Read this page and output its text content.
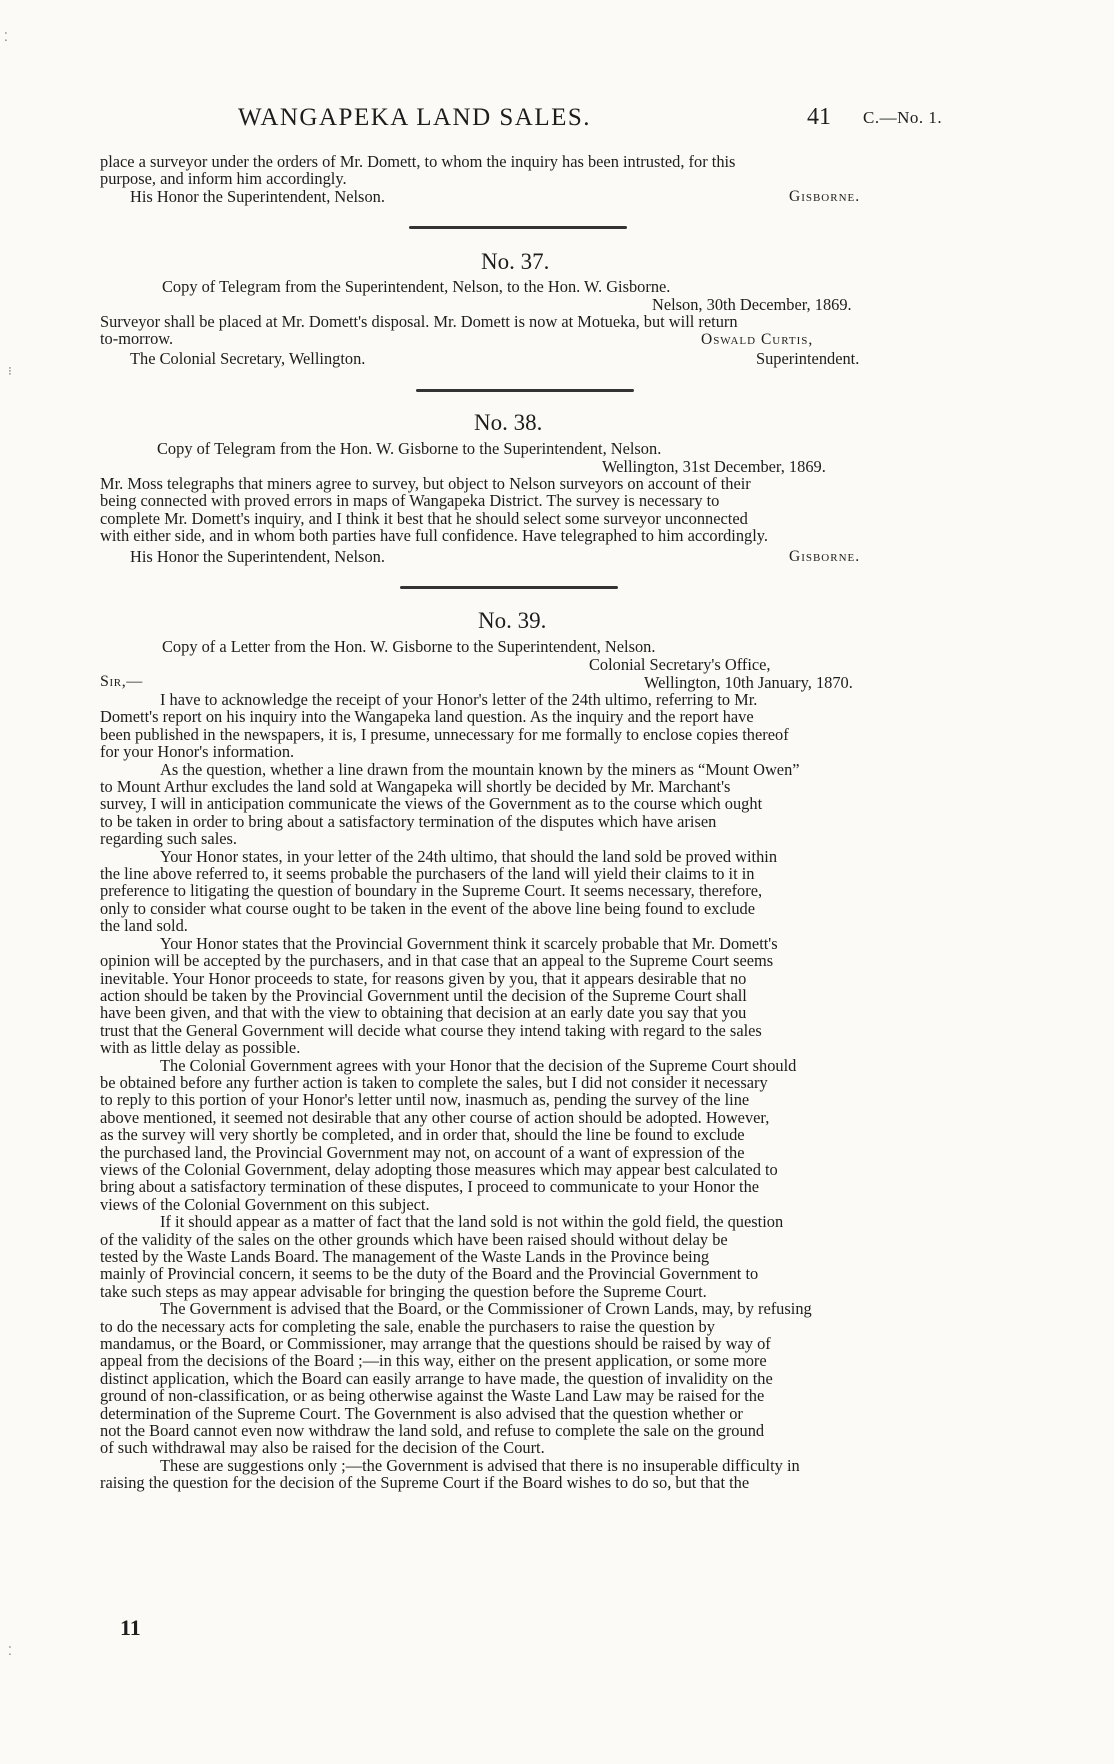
WANGAPEKA LAND SALES.	41 C.—No. 1.
⁚
⁝
⁚
place a surveyor under the orders of Mr. Domett, to whom the inquiry has been intrusted, for this
purpose, and inform him accordingly.
His Honor the Superintendent, Nelson.	Gisborne.
No. 37.
Copy of Telegram from the Superintendent, Nelson, to the Hon. W. Gisborne.
Nelson, 30th December, 1869.
Surveyor shall be placed at Mr. Domett's disposal. Mr. Domett is now at Motueka, but will return
to-morrow.	Oswald Curtis,
The Colonial Secretary, Wellington.	Superintendent.
No. 38.
Copy of Telegram from the Hon. W. Gisborne to the Superintendent, Nelson.
Wellington, 31st December, 1869.
Mr. Moss telegraphs that miners agree to survey, but object to Nelson surveyors on account of their
being connected with proved errors in maps of Wangapeka District. The survey is necessary to
complete Mr. Domett's inquiry, and I think it best that he should select some surveyor unconnected
with either side, and in whom both parties have full confidence. Have telegraphed to him accordingly.
His Honor the Superintendent, Nelson.	Gisborne.
No. 39.
Copy of a Letter from the Hon. W. Gisborne to the Superintendent, Nelson.
Colonial Secretary's Office,
Sir,—	Wellington, 10th January, 1870.
I have to acknowledge the receipt of your Honor's letter of the 24th ultimo, referring to Mr.
Domett's report on his inquiry into the Wangapeka land question. As the inquiry and the report have
been published in the newspapers, it is, I presume, unnecessary for me formally to enclose copies thereof
for your Honor's information.
As the question, whether a line drawn from the mountain known by the miners as “Mount Owen”
to Mount Arthur excludes the land sold at Wangapeka will shortly be decided by Mr. Marchant's
survey, I will in anticipation communicate the views of the Government as to the course which ought
to be taken in order to bring about a satisfactory termination of the disputes which have arisen
regarding such sales.
Your Honor states, in your letter of the 24th ultimo, that should the land sold be proved within
the line above referred to, it seems probable the purchasers of the land will yield their claims to it in
preference to litigating the question of boundary in the Supreme Court. It seems necessary, therefore,
only to consider what course ought to be taken in the event of the above line being found to exclude
the land sold.
Your Honor states that the Provincial Government think it scarcely probable that Mr. Domett's
opinion will be accepted by the purchasers, and in that case that an appeal to the Supreme Court seems
inevitable. Your Honor proceeds to state, for reasons given by you, that it appears desirable that no
action should be taken by the Provincial Government until the decision of the Supreme Court shall
have been given, and that with the view to obtaining that decision at an early date you say that you
trust that the General Government will decide what course they intend taking with regard to the sales
with as little delay as possible.
The Colonial Government agrees with your Honor that the decision of the Supreme Court should
be obtained before any further action is taken to complete the sales, but I did not consider it necessary
to reply to this portion of your Honor's letter until now, inasmuch as, pending the survey of the line
above mentioned, it seemed not desirable that any other course of action should be adopted. However,
as the survey will very shortly be completed, and in order that, should the line be found to exclude
the purchased land, the Provincial Government may not, on account of a want of expression of the
views of the Colonial Government, delay adopting those measures which may appear best calculated to
bring about a satisfactory termination of these disputes, I proceed to communicate to your Honor the
views of the Colonial Government on this subject.
If it should appear as a matter of fact that the land sold is not within the gold field, the question
of the validity of the sales on the other grounds which have been raised should without delay be
tested by the Waste Lands Board. The management of the Waste Lands in the Province being
mainly of Provincial concern, it seems to be the duty of the Board and the Provincial Government to
take such steps as may appear advisable for bringing the question before the Supreme Court.
The Government is advised that the Board, or the Commissioner of Crown Lands, may, by refusing
to do the necessary acts for completing the sale, enable the purchasers to raise the question by
mandamus, or the Board, or Commissioner, may arrange that the questions should be raised by way of
appeal from the decisions of the Board ;—in this way, either on the present application, or some more
distinct application, which the Board can easily arrange to have made, the question of invalidity on the
ground of non-classification, or as being otherwise against the Waste Land Law may be raised for the
determination of the Supreme Court. The Government is also advised that the question whether or
not the Board cannot even now withdraw the land sold, and refuse to complete the sale on the ground
of such withdrawal may also be raised for the decision of the Court.
These are suggestions only ;—the Government is advised that there is no insuperable difficulty in
raising the question for the decision of the Supreme Court if the Board wishes to do so, but that the
11
